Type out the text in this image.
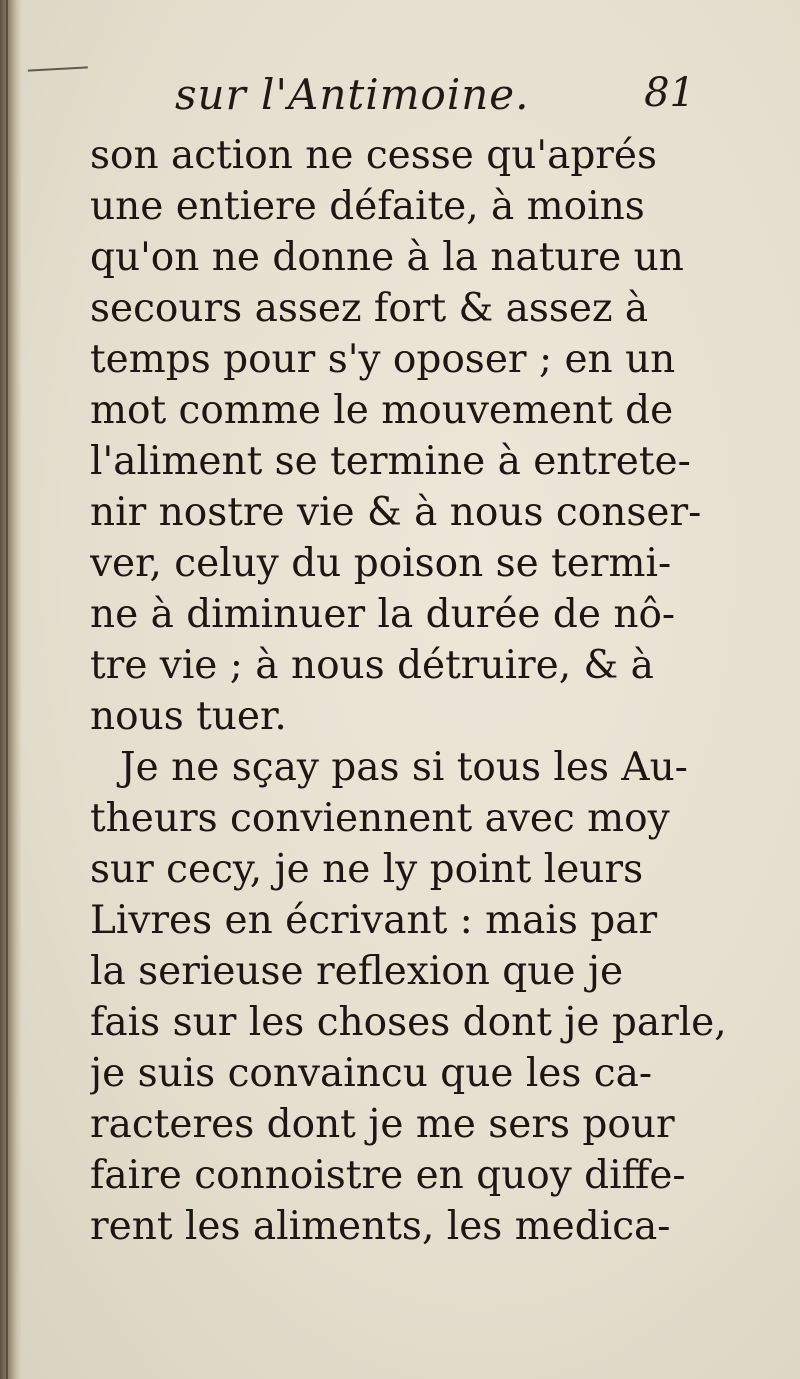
sur l'Antimoine.	81
son action ne cesse qu'aprés
une entiere défaite, à moins
qu'on ne donne à la nature un
secours assez fort & assez à
temps pour s'y oposer ; en un
mot comme le mouvement de
l'aliment se termine à entrete-
nir nostre vie & à nous conser-
ver, celuy du poison se termi-
ne à diminuer la durée de nô-
tre vie ; à nous détruire, & à
nous tuer.
Je ne sçay pas si tous les Au-
theurs conviennent avec moy
sur cecy, je ne ly point leurs
Livres en écrivant : mais par
la serieuse reflexion que je
fais sur les choses dont je parle,
je suis convaincu que les ca-
racteres dont je me sers pour
faire connoistre en quoy diffe-
rent les aliments, les medica-
